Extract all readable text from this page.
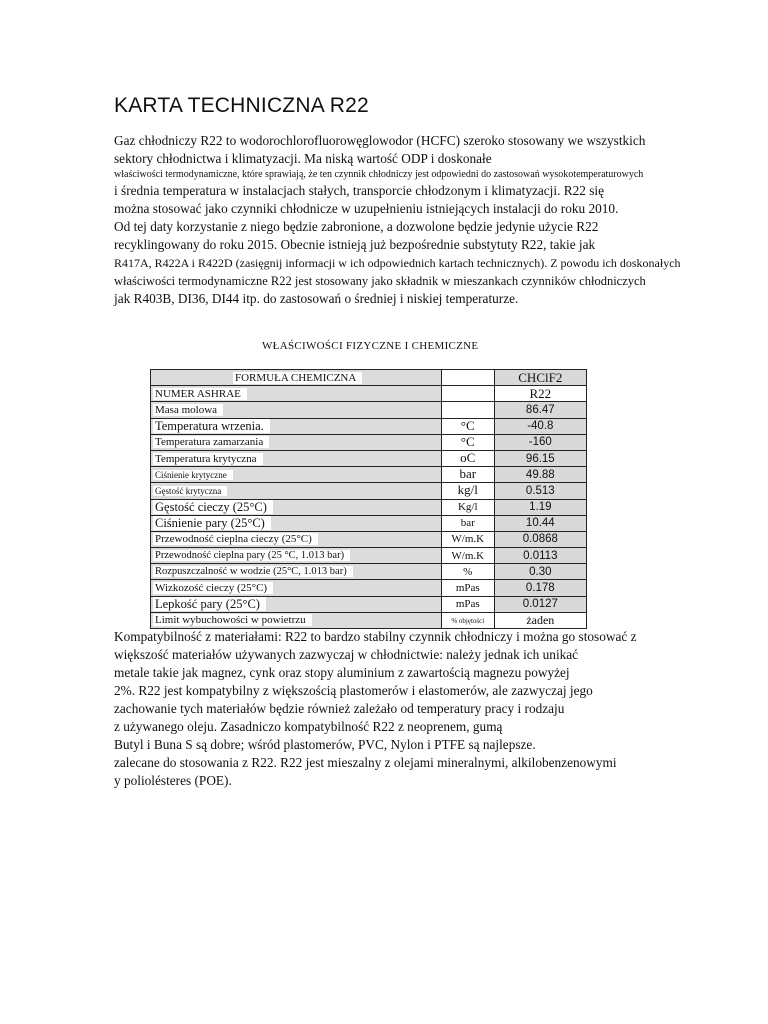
KARTA TECHNICZNA R22
Gaz chłodniczy R22 to wodorochlorofluorowęglowodor (HCFC) szeroko stosowany we wszystkich
sektory chłodnictwa i klimatyzacji. Ma niską wartość ODP i doskonałe
właściwości termodynamiczne, które sprawiają, że ten czynnik chłodniczy jest odpowiedni do zastosowań wysokotemperaturowych
i średnia temperatura w instalacjach stałych, transporcie chłodzonym i klimatyzacji. R22 się
można stosować jako czynniki chłodnicze w uzupełnieniu istniejących instalacji do roku 2010.
Od tej daty korzystanie z niego będzie zabronione, a dozwolone będzie jedynie użycie R22
recyklingowany do roku 2015. Obecnie istnieją już bezpośrednie substytuty R22, takie jak
R417A, R422A i R422D (zasięgnij informacji w ich odpowiednich kartach technicznych). Z powodu ich doskonałych
właściwości termodynamiczne R22 jest stosowany jako składnik w mieszankach czynników chłodniczych
jak R403B, DI36, DI44 itp. do zastosowań o średniej i niskiej temperaturze.
WŁAŚCIWOŚCI FIZYCZNE I CHEMICZNE
FORMUŁA CHEMICZNA		CHClF2
NUMER ASHRAE		R22
Masa molowa		86.47
Temperatura wrzenia.	°C	-40.8
Temperatura zamarzania	°C	-160
Temperatura krytyczna	oC	96.15
Ciśnienie krytyczne	bar	49.88
Gęstość krytyczna	kg/l	0.513
Gęstość cieczy (25°C)	Kg/l	1.19
Ciśnienie pary (25°C)	bar	10.44
Przewodność cieplna cieczy (25°C)	W/m.K	0.0868
Przewodność cieplna pary (25 °C, 1.013 bar)	W/m.K	0.0113
Rozpuszczalność w wodzie (25°C, 1.013 bar)	%	0.30
Wizkozość cieczy (25°C)	mPas	0.178
Lepkość pary (25°C)	mPas	0.0127
Limit wybuchowości w powietrzu	% objętości	żaden
Kompatybilność z materiałami: R22 to bardzo stabilny czynnik chłodniczy i można go stosować z
większość materiałów używanych zazwyczaj w chłodnictwie: należy jednak ich unikać
metale takie jak magnez, cynk oraz stopy aluminium z zawartością magnezu powyżej
2%. R22 jest kompatybilny z większością plastomerów i elastomerów, ale zazwyczaj jego
zachowanie tych materiałów będzie również zależało od temperatury pracy i rodzaju
z używanego oleju. Zasadniczo kompatybilność R22 z neoprenem, gumą
Butyl i Buna S są dobre; wśród plastomerów, PVC, Nylon i PTFE są najlepsze.
zalecane do stosowania z R22. R22 jest mieszalny z olejami mineralnymi, alkilobenzenowymi
y poliolésteres (POE).
